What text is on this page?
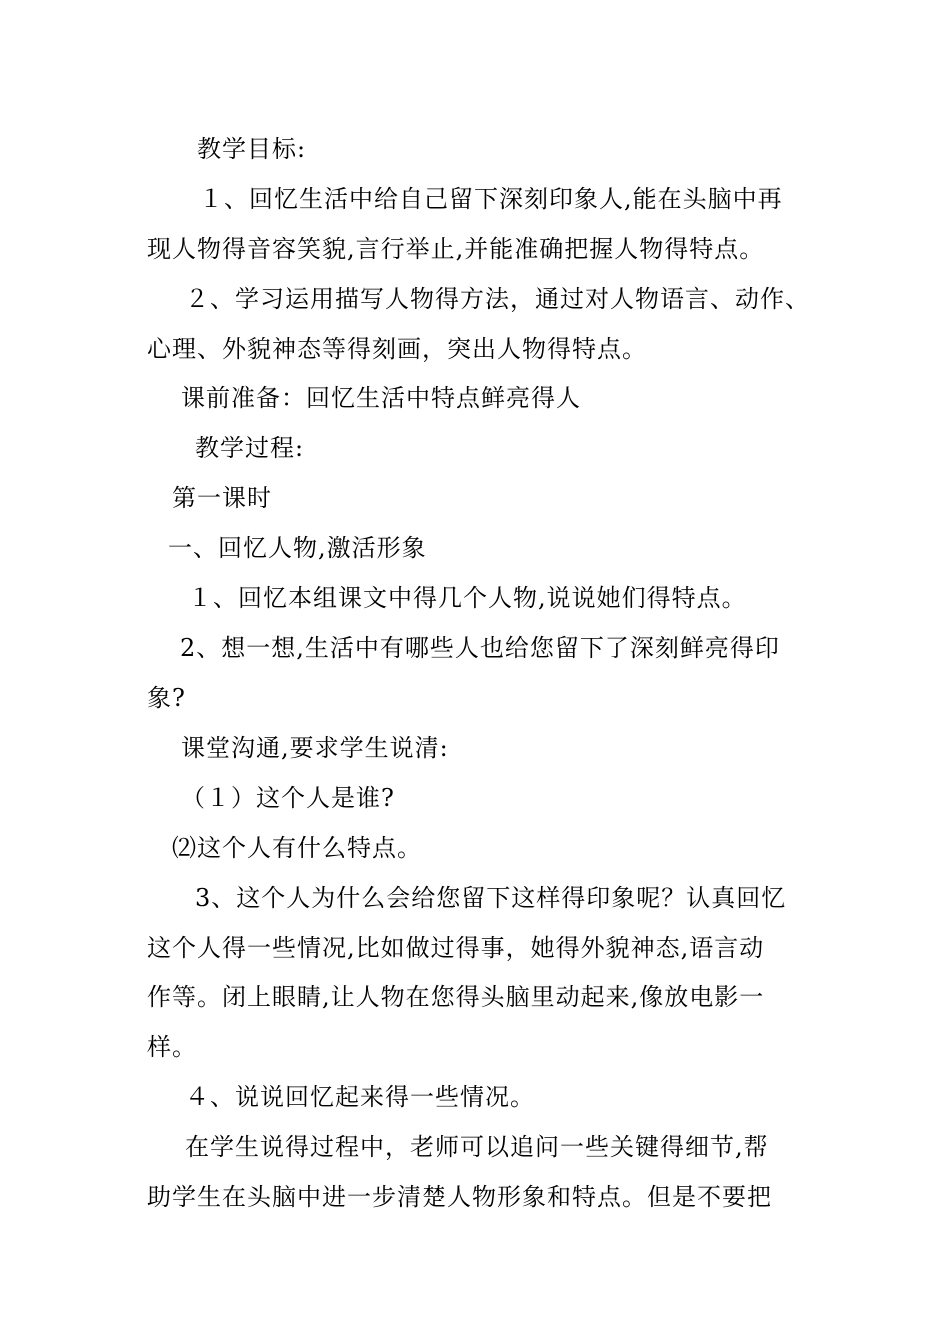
教学目标:
１、回忆生活中给自己留下深刻印象人,能在头脑中再
现人物得音容笑貌,言行举止,并能准确把握人物得特点。
２、学习运用描写人物得方法，通过对人物语言、动作、
心理、外貌神态等得刻画，突出人物得特点。
课前准备：回忆生活中特点鲜亮得人
教学过程:
第一课时
一、回忆人物,激活形象
１、回忆本组课文中得几个人物,说说她们得特点。
2、想一想,生活中有哪些人也给您留下了深刻鲜亮得印
象?
课堂沟通,要求学生说清:
（１）这个人是谁?
⑵这个人有什么特点。
3、这个人为什么会给您留下这样得印象呢？认真回忆
这个人得一些情况,比如做过得事，她得外貌神态,语言动
作等。闭上眼睛,让人物在您得头脑里动起来,像放电影一
样。
４、说说回忆起来得一些情况。
在学生说得过程中，老师可以追问一些关键得细节,帮
助学生在头脑中进一步清楚人物形象和特点。但是不要把
